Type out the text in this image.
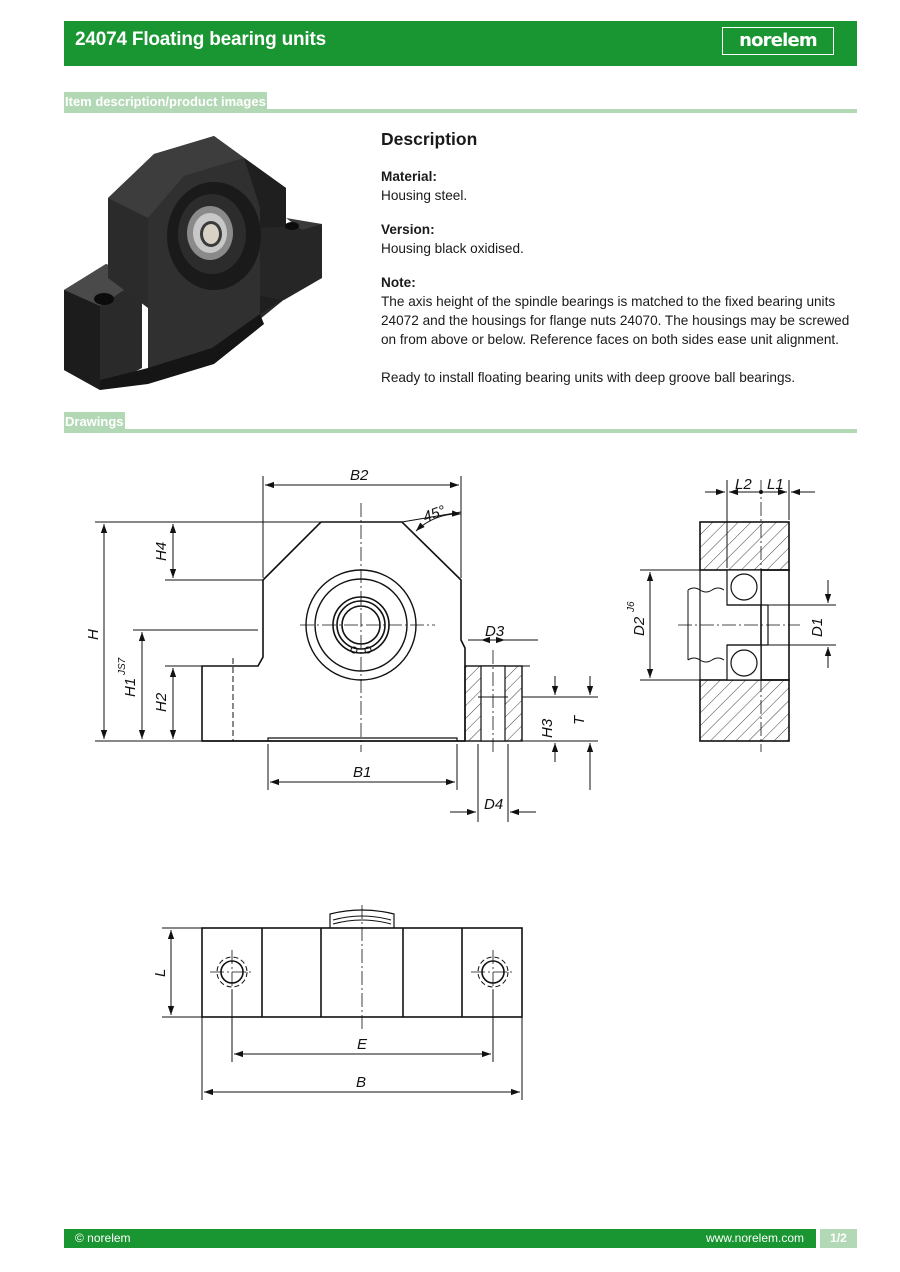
24074 Floating bearing units	norelem
Item description/product images
Description
Material:
Housing steel.
Version:
Housing black oxidised.
Note:
The axis height of the spindle bearings is matched to the fixed bearing units 24072 and the housings for flange nuts 24070. The housings may be screwed on from above or below. Reference faces on both sides ease unit alignment.
Ready to install floating bearing units with deep groove ball bearings.
Drawings
B2
45°
H4
H
H1
JS7
H2
D3
H3 T
B1
D4
L2 L1
D2
J6
D1
L
E
B
© norelem	www.norelem.com	1/2
